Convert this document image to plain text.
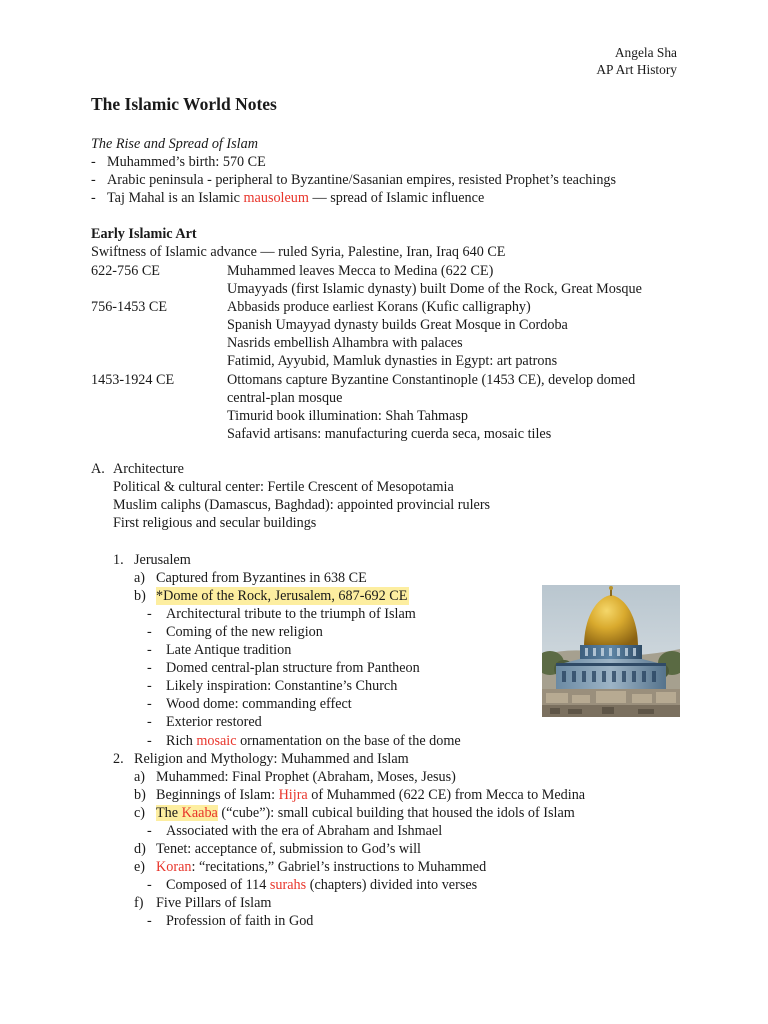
Angela Sha
AP Art History
The Islamic World Notes
The Rise and Spread of Islam
- Muhammed’s birth: 570 CE
- Arabic peninsula - peripheral to Byzantine/Sasanian empires, resisted Prophet’s teachings
- Taj Mahal is an Islamic mausoleum — spread of Islamic influence
Early Islamic Art
Swiftness of Islamic advance — ruled Syria, Palestine, Iran, Iraq 640 CE
622-756 CE	Muhammed leaves Mecca to Medina (622 CE)
Umayyads (first Islamic dynasty) built Dome of the Rock, Great Mosque
756-1453 CE	Abbasids produce earliest Korans (Kufic calligraphy)
Spanish Umayyad dynasty builds Great Mosque in Cordoba
Nasrids embellish Alhambra with palaces
Fatimid, Ayyubid, Mamluk dynasties in Egypt: art patrons
1453-1924 CE	Ottomans capture Byzantine Constantinople (1453 CE), develop domed
central-plan mosque
Timurid book illumination: Shah Tahmasp
Safavid artisans: manufacturing cuerda seca, mosaic tiles
A. Architecture
Political & cultural center: Fertile Crescent of Mesopotamia
Muslim caliphs (Damascus, Baghdad): appointed provincial rulers
First religious and secular buildings
1. Jerusalem
a) Captured from Byzantines in 638 CE
b) *Dome of the Rock, Jerusalem, 687-692 CE
- Architectural tribute to the triumph of Islam
- Coming of the new religion
- Late Antique tradition
- Domed central-plan structure from Pantheon
- Likely inspiration: Constantine’s Church
- Wood dome: commanding effect
- Exterior restored
- Rich mosaic ornamentation on the base of the dome
2. Religion and Mythology: Muhammed and Islam
a) Muhammed: Final Prophet (Abraham, Moses, Jesus)
b) Beginnings of Islam: Hijra of Muhammed (622 CE) from Mecca to Medina
c) The Kaaba (“cube”): small cubical building that housed the idols of Islam
- Associated with the era of Abraham and Ishmael
d) Tenet: acceptance of, submission to God’s will
e) Koran: “recitations,” Gabriel’s instructions to Muhammed
- Composed of 114 surahs (chapters) divided into verses
f) Five Pillars of Islam
- Profession of faith in God
